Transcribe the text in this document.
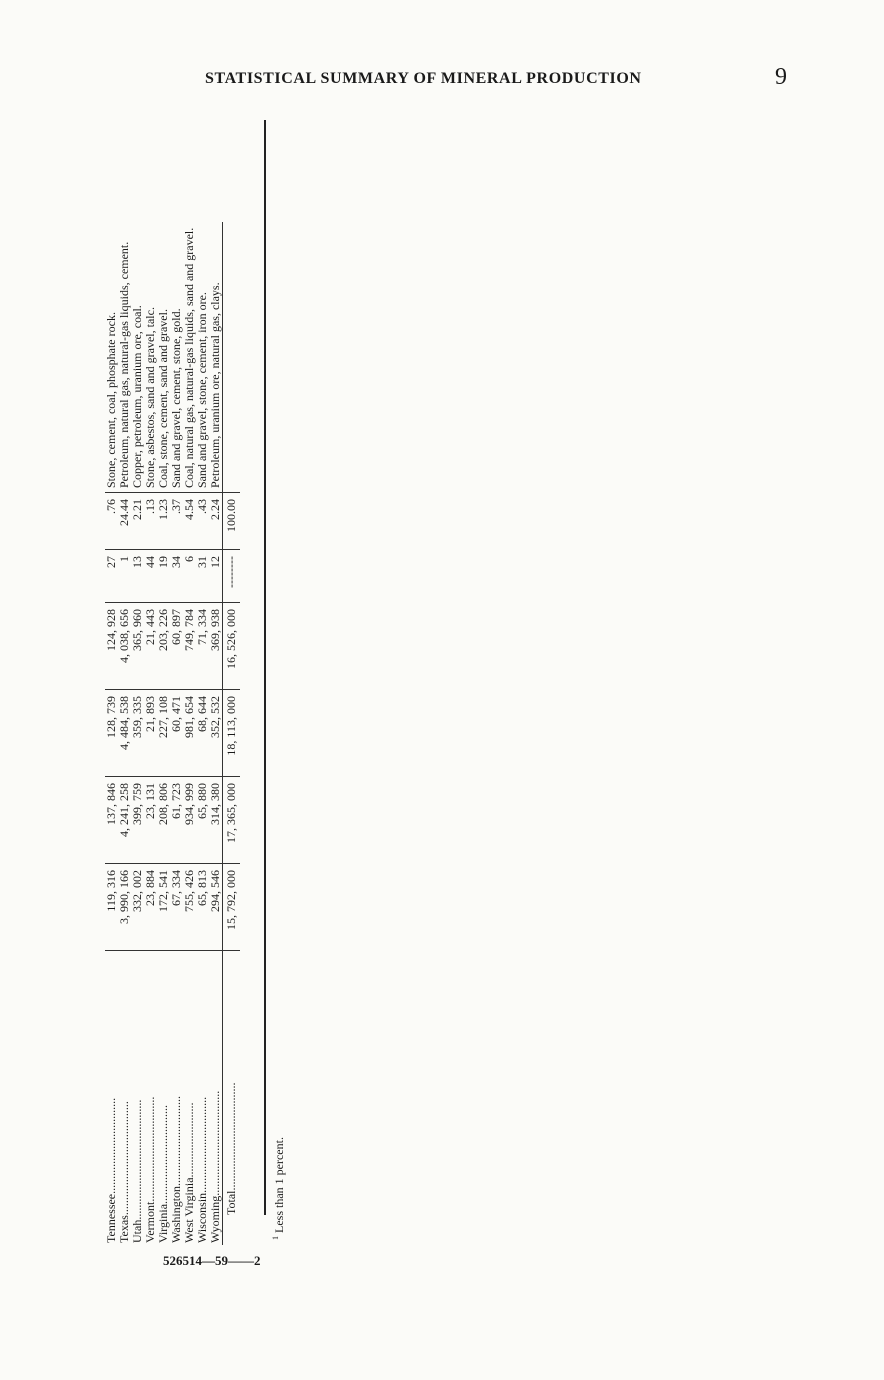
STATISTICAL SUMMARY OF MINERAL PRODUCTION	9
Tennessee................................	119, 316	137, 846	128, 739	124, 928	27	.76	Stone, cement, coal, phosphate rock.
Texas......................................	3, 990, 166	4, 241, 258	4, 484, 538	4, 038, 656	1	24.44	Petroleum, natural gas, natural-gas liquids, cement.
Utah........................................	332, 002	399, 759	359, 335	365, 960	13	2.21	Copper, petroleum, uranium ore, coal.
Vermont...................................	23, 884	23, 131	21, 893	21, 443	44	.13	Stone, asbestos, sand and gravel, talc.
Virginia.................................	172, 541	208, 806	227, 108	203, 226	19	1.23	Coal, stone, cement, sand and gravel.
Washington..............................	67, 334	61, 723	60, 471	60, 897	34	.37	Sand and gravel, cement, stone, gold.
West Virginia.........................	755, 426	934, 999	981, 654	749, 784	6	4.54	Coal, natural gas, natural-gas liquids, sand and gravel.
Wisconsin................................	65, 813	65, 880	68, 644	71, 334	31	.43	Sand and gravel, stone, cement, iron ore.
Wyoming...................................	294, 546	314, 380	352, 532	369, 938	12	2.24	Petroleum, uranium ore, natural gas, clays.
Total....................................	15, 792, 000	17, 365, 000	18, 113, 000	16, 526, 000	--------	100.00	
$^1$ Less than 1 percent.
526514—59——2
